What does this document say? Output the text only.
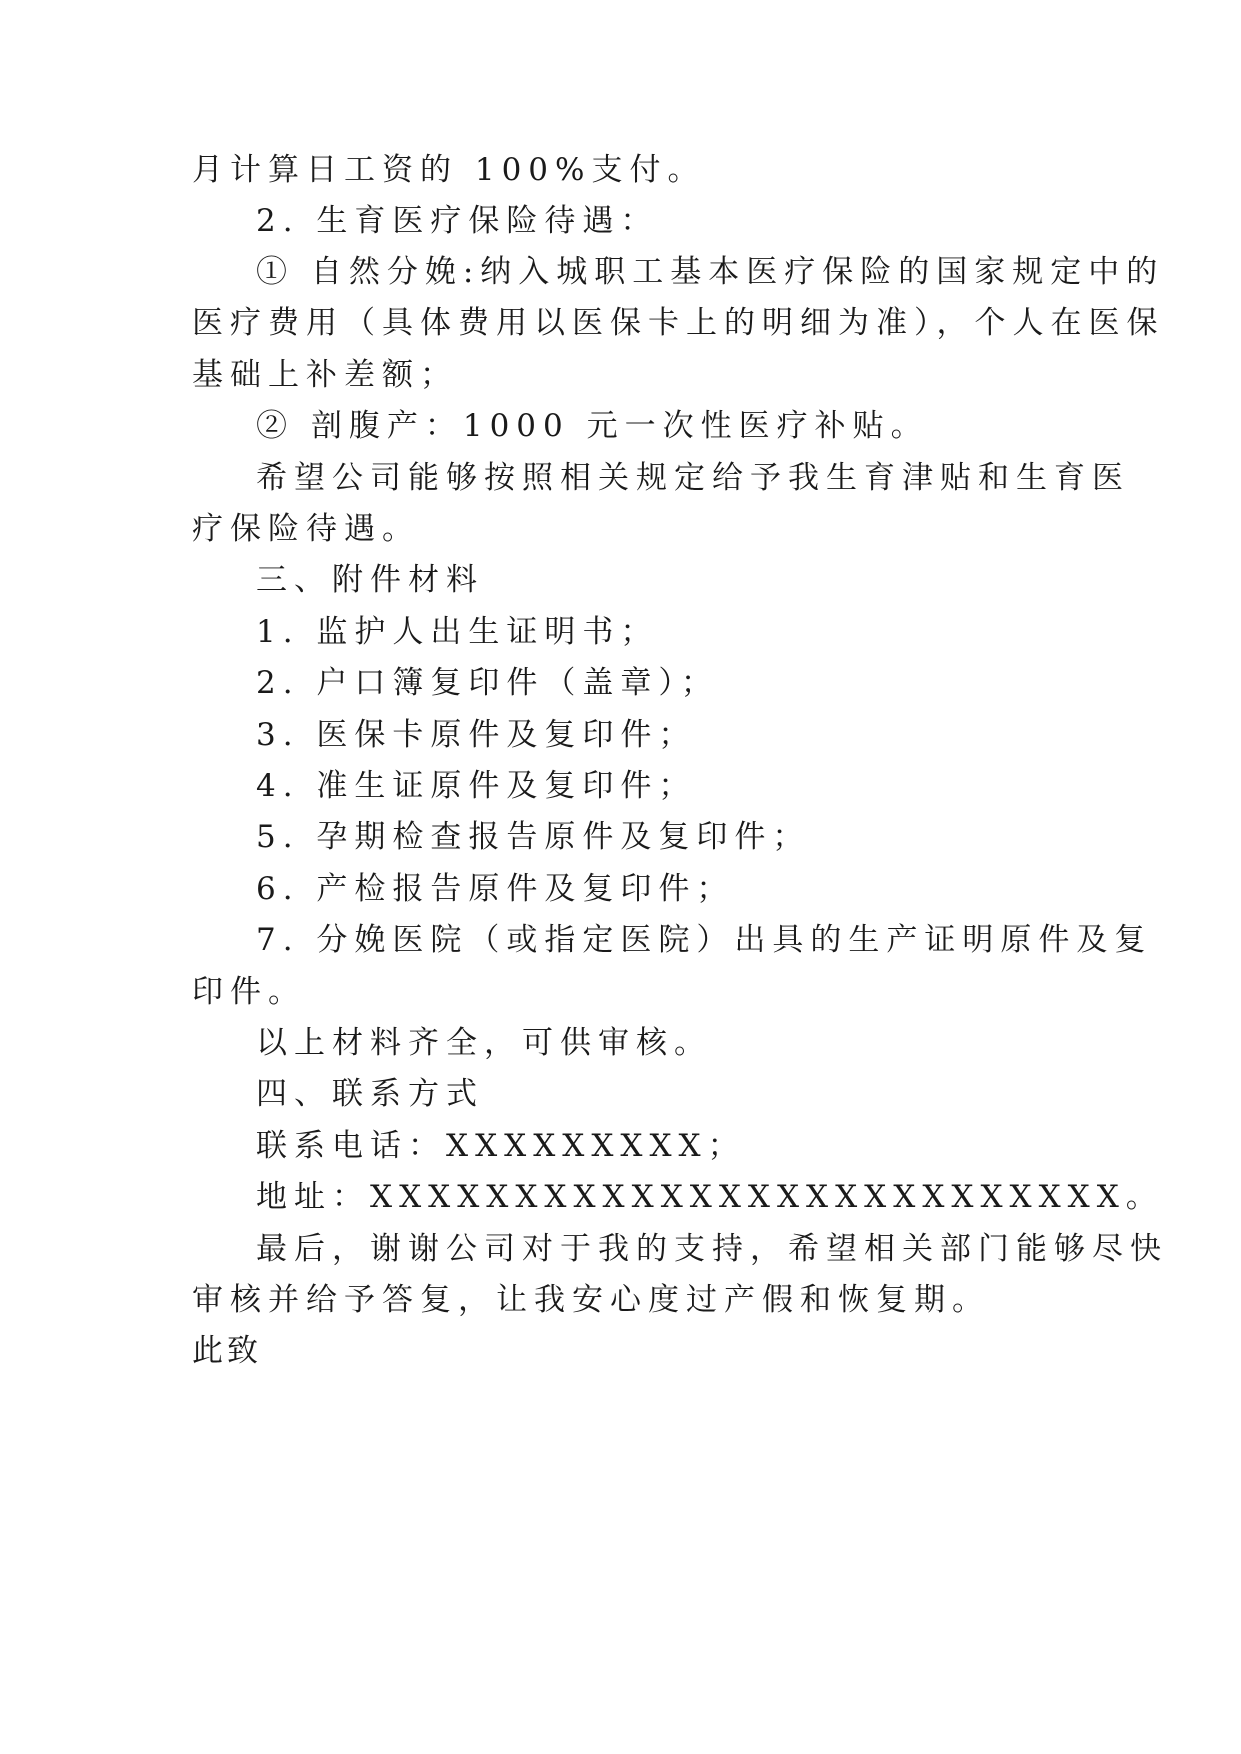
月计算日工资的 100%支付。
2. 生育医疗保险待遇：
① 自然分娩:纳入城职工基本医疗保险的国家规定中的
医疗费用（具体费用以医保卡上的明细为准），个人在医保
基础上补差额；
② 剖腹产：1000 元一次性医疗补贴。
希望公司能够按照相关规定给予我生育津贴和生育医
疗保险待遇。
三、附件材料
1. 监护人出生证明书；
2. 户口簿复印件（盖章）；
3. 医保卡原件及复印件；
4. 准生证原件及复印件；
5. 孕期检查报告原件及复印件；
6. 产检报告原件及复印件；
7. 分娩医院（或指定医院）出具的生产证明原件及复
印件。
以上材料齐全，可供审核。
四、联系方式
联系电话：XXXXXXXXX；
地址：XXXXXXXXXXXXXXXXXXXXXXXXXX。
最后，谢谢公司对于我的支持，希望相关部门能够尽快
审核并给予答复，让我安心度过产假和恢复期。
此致
